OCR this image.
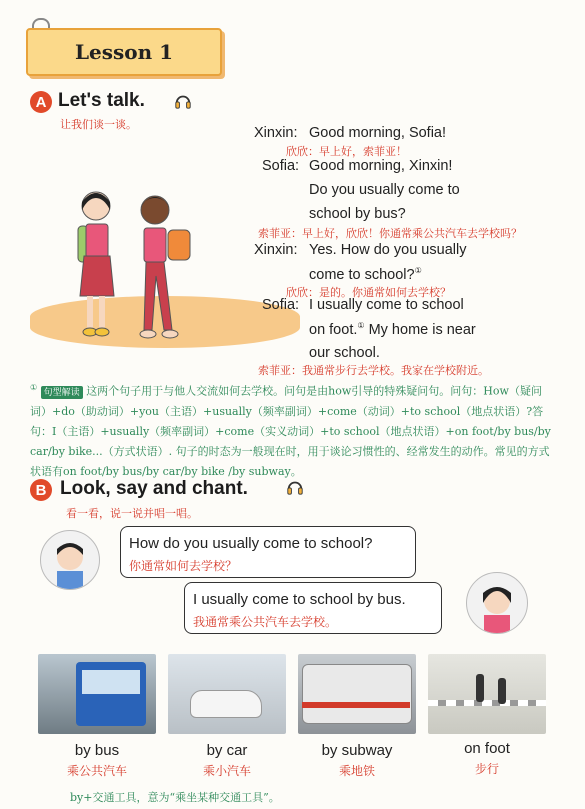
Lesson 1
A Let's talk.
让我们谈一谈。
Xinxin: Good morning, Sofia!
欣欣：早上好，索菲亚！
Sofia: Good morning, Xinxin!
Do you usually come to
school by bus?
索菲亚：早上好，欣欣！你通常乘公共汽车去学校吗？
Xinxin: Yes. How do you usually
come to school?①
欣欣：是的。你通常如何去学校？
Sofia: I usually come to school
on foot.① My home is near
our school.
索菲亚：我通常步行去学校。我家在学校附近。
① 句型解读 这两个句子用于与他人交流如何去学校。问句是由how引导的特殊疑问句。问句：How（疑问词）+do（助动词）+you（主语）+usually（频率副词）+come（动词）+to school（地点状语）?答句：I（主语）+usually（频率副词）+come（实义动词）+to school（地点状语）+on foot/by bus/by car/by bike...（方式状语）. 句子的时态为一般现在时，用于谈论习惯性的、经常发生的动作。常见的方式状语有on foot/by bus/by car/by bike /by subway。
B Look, say and chant.
看一看，说一说并唱一唱。
How do you usually come to school?
你通常如何去学校？
I usually come to school by bus.
我通常乘公共汽车去学校。
by bus
乘公共汽车
by car
乘小汽车
by subway
乘地铁
on foot
步行
by+交通工具，意为“乘坐某种交通工具”。
